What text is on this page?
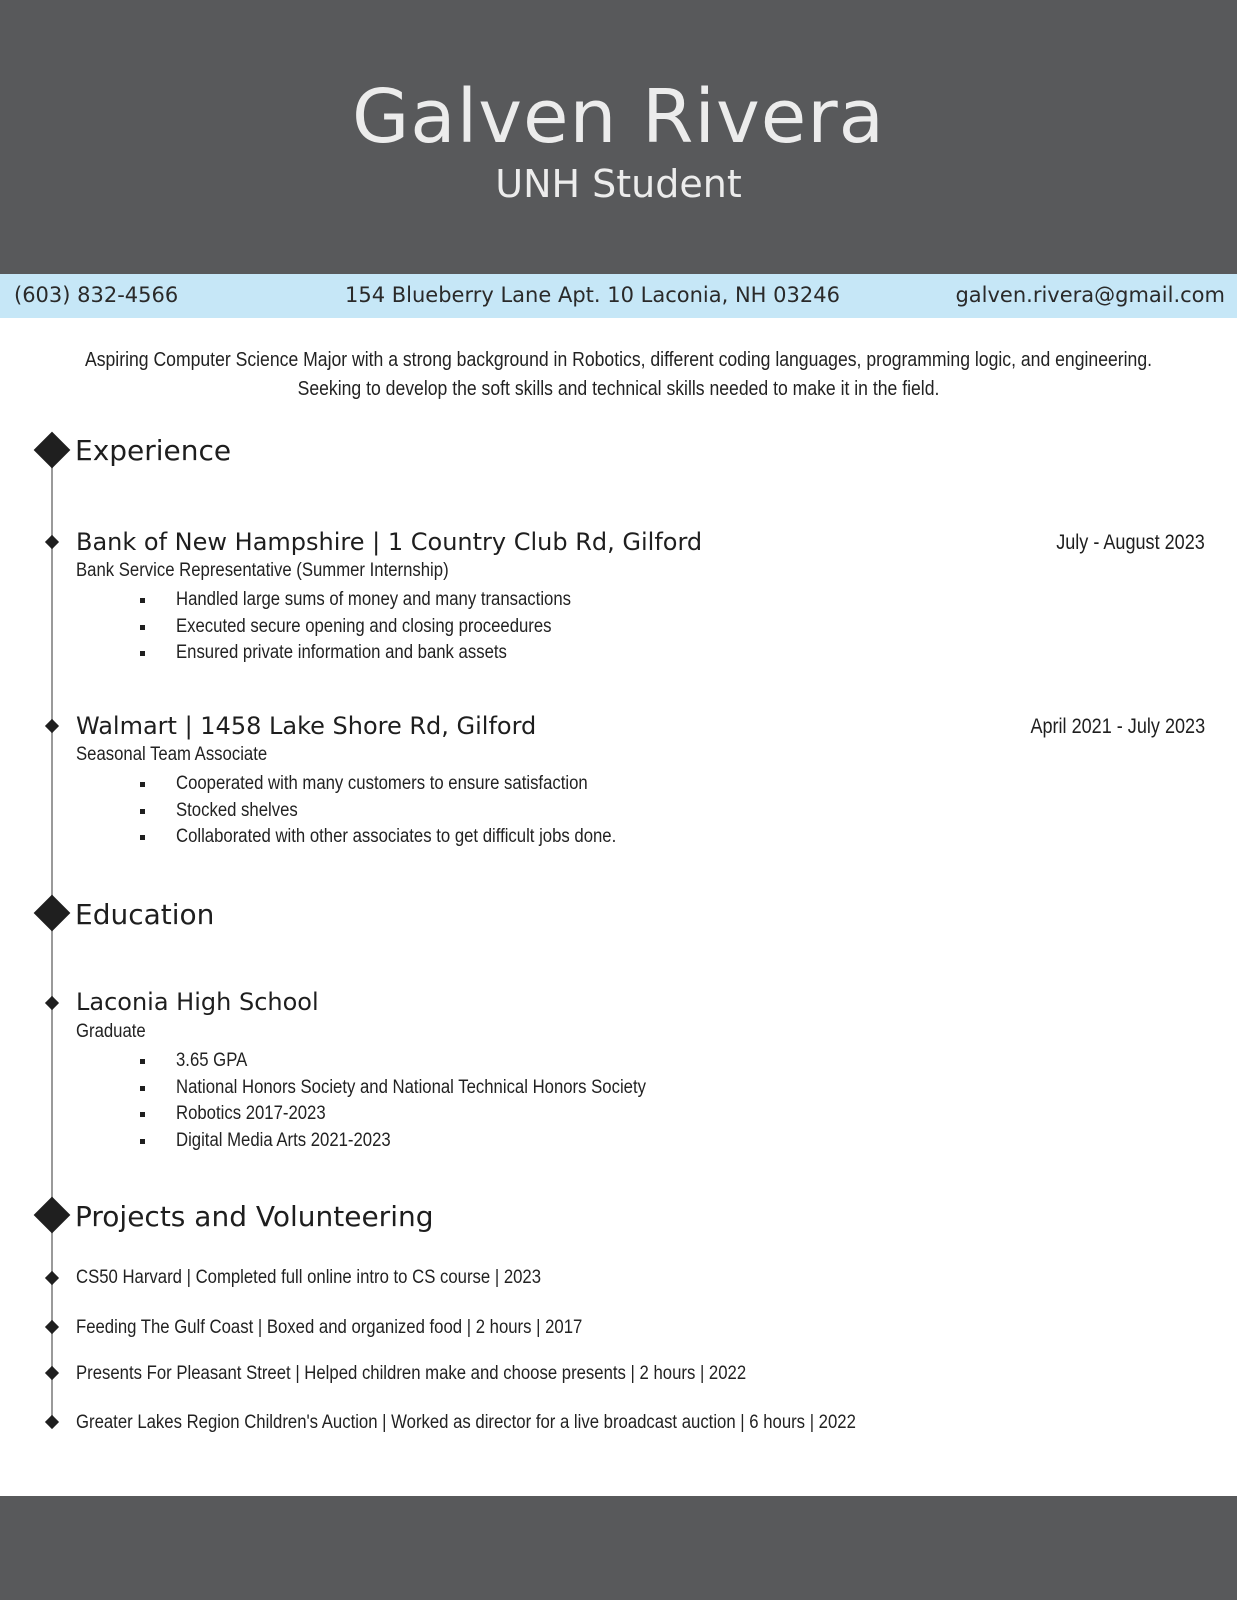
Galven Rivera
UNH Student
(603) 832-4566	154 Blueberry Lane Apt. 10 Laconia, NH 03246	galven.rivera@gmail.com
Aspiring Computer Science Major with a strong background in Robotics, different coding languages, programming logic, and engineering.
Seeking to develop the soft skills and technical skills needed to make it in the field.
Experience
Bank of New Hampshire | 1 Country Club Rd, Gilford	July - August 2023
Bank Service Representative (Summer Internship)
Handled large sums of money and many transactions
Executed secure opening and closing proceedures
Ensured private information and bank assets
Walmart | 1458 Lake Shore Rd, Gilford	April 2021 - July 2023
Seasonal Team Associate
Cooperated with many customers to ensure satisfaction
Stocked shelves
Collaborated with other associates to get difficult jobs done.
Education
Laconia High School
Graduate
3.65 GPA
National Honors Society and National Technical Honors Society
Robotics 2017-2023
Digital Media Arts 2021-2023
Projects and Volunteering
CS50 Harvard | Completed full online intro to CS course | 2023
Feeding The Gulf Coast | Boxed and organized food | 2 hours | 2017
Presents For Pleasant Street | Helped children make and choose presents | 2 hours | 2022
Greater Lakes Region Children's Auction | Worked as director for a live broadcast auction | 6 hours | 2022
